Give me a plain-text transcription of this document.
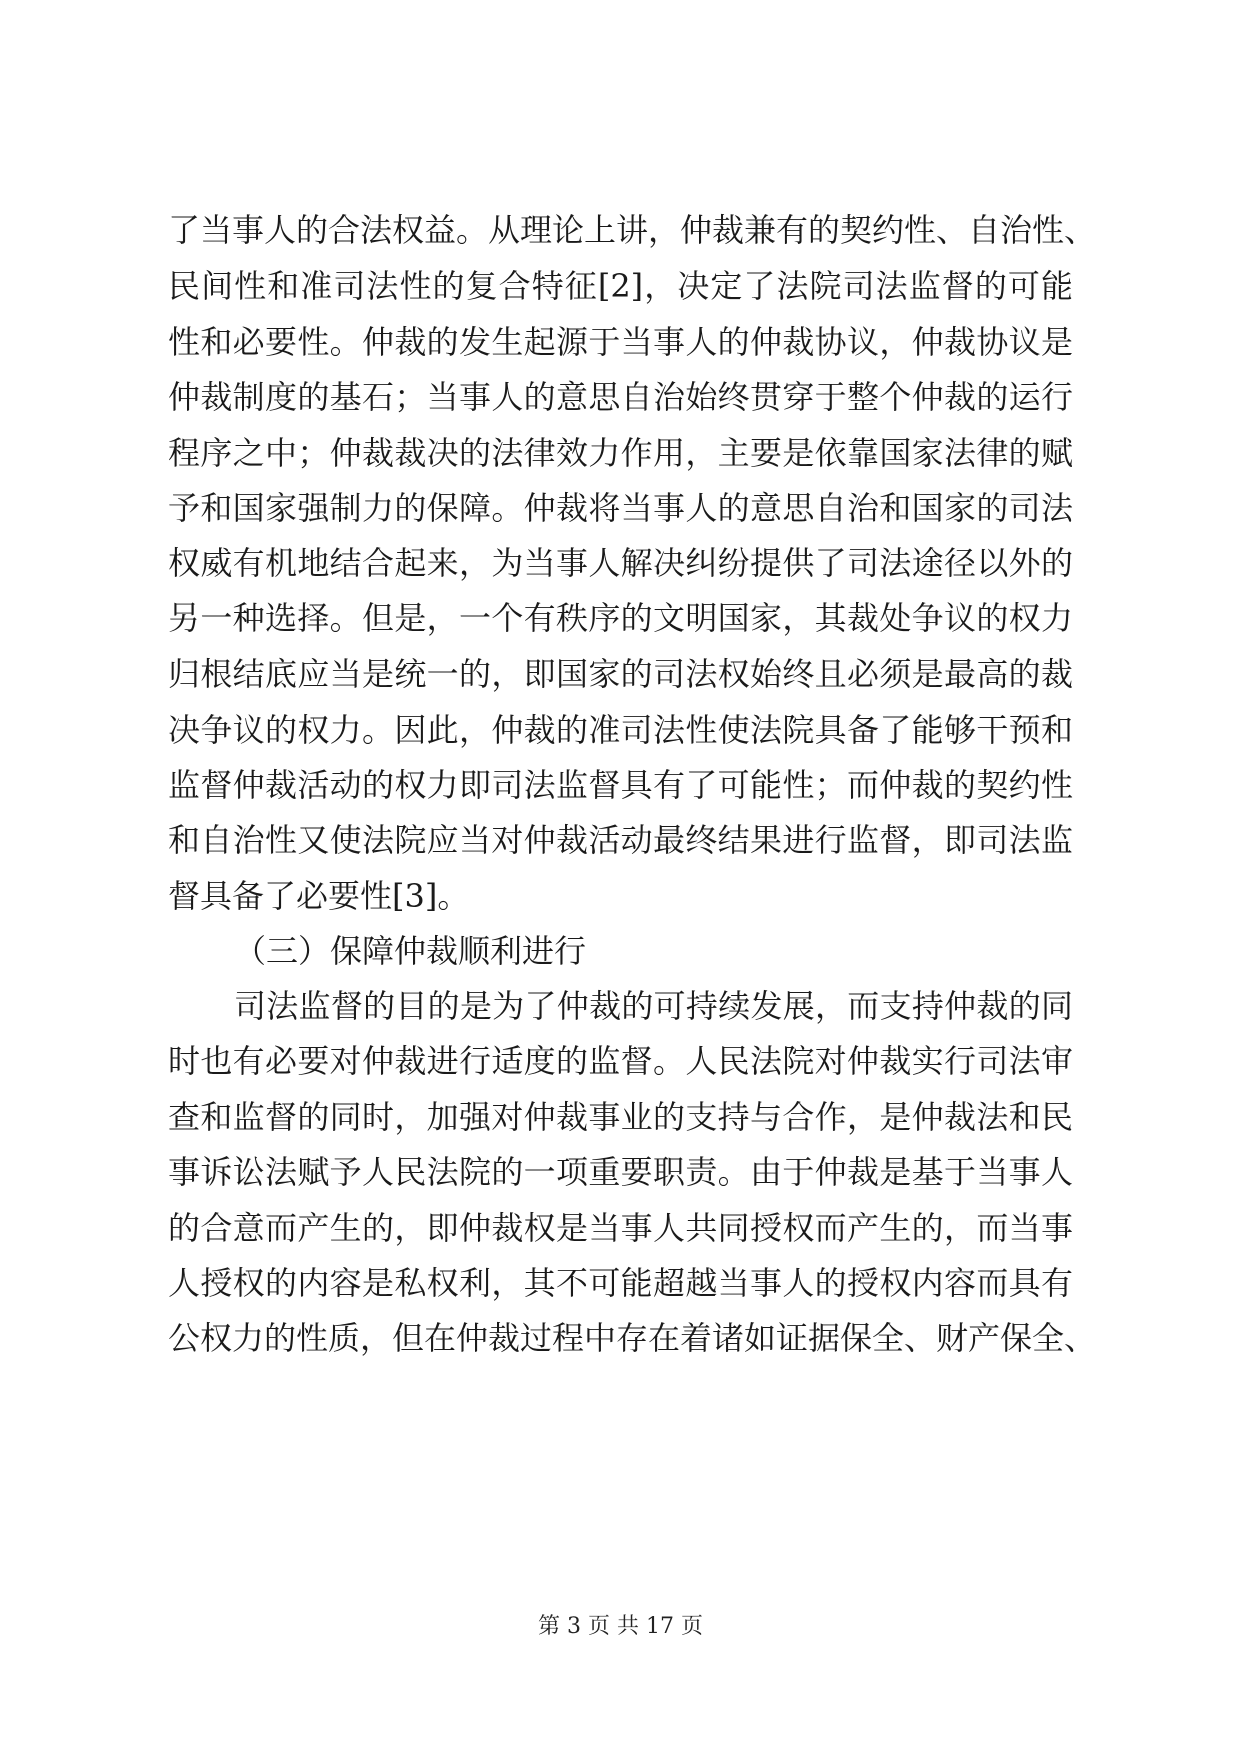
了当事人的合法权益。从理论上讲，仲裁兼有的契约性、自治性、
民间性和准司法性的复合特征[2]，决定了法院司法监督的可能
性和必要性。仲裁的发生起源于当事人的仲裁协议，仲裁协议是
仲裁制度的基石；当事人的意思自治始终贯穿于整个仲裁的运行
程序之中；仲裁裁决的法律效力作用，主要是依靠国家法律的赋
予和国家强制力的保障。仲裁将当事人的意思自治和国家的司法
权威有机地结合起来，为当事人解决纠纷提供了司法途径以外的
另一种选择。但是，一个有秩序的文明国家，其裁处争议的权力
归根结底应当是统一的，即国家的司法权始终且必须是最高的裁
决争议的权力。因此，仲裁的准司法性使法院具备了能够干预和
监督仲裁活动的权力即司法监督具有了可能性；而仲裁的契约性
和自治性又使法院应当对仲裁活动最终结果进行监督，即司法监
督具备了必要性[3]。
（三）保障仲裁顺利进行
司法监督的目的是为了仲裁的可持续发展，而支持仲裁的同
时也有必要对仲裁进行适度的监督。人民法院对仲裁实行司法审
查和监督的同时，加强对仲裁事业的支持与合作，是仲裁法和民
事诉讼法赋予人民法院的一项重要职责。由于仲裁是基于当事人
的合意而产生的，即仲裁权是当事人共同授权而产生的，而当事
人授权的内容是私权利，其不可能超越当事人的授权内容而具有
公权力的性质，但在仲裁过程中存在着诸如证据保全、财产保全、
第 3 页 共 17 页
